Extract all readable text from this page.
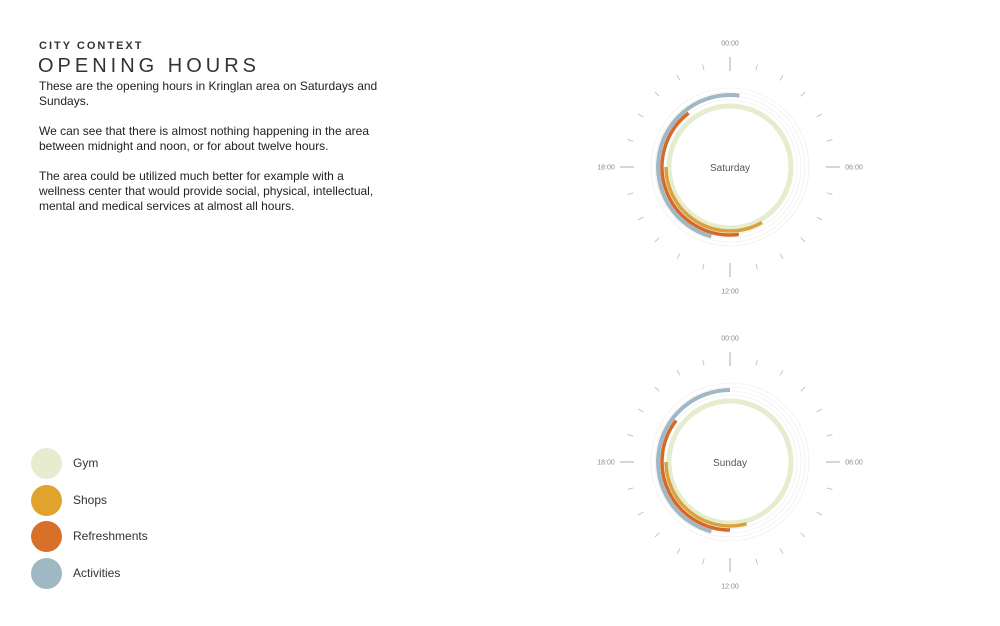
CITY CONTEXT
OPENING HOURS

These are the opening hours in Kringlan area on Saturdays and Sundays.

We can see that there is almost nothing happening in the area between midnight and noon, or for about twelve hours.

The area could be utilized much better for example with a wellness center that would provide social, physical, intellectual, mental and medical services at almost all hours.

Gym
Shops
Refreshments
Activities
00:00
06:00
12:00
18:00	Saturday
00:00
06:00
12:00
18:00	Sunday
